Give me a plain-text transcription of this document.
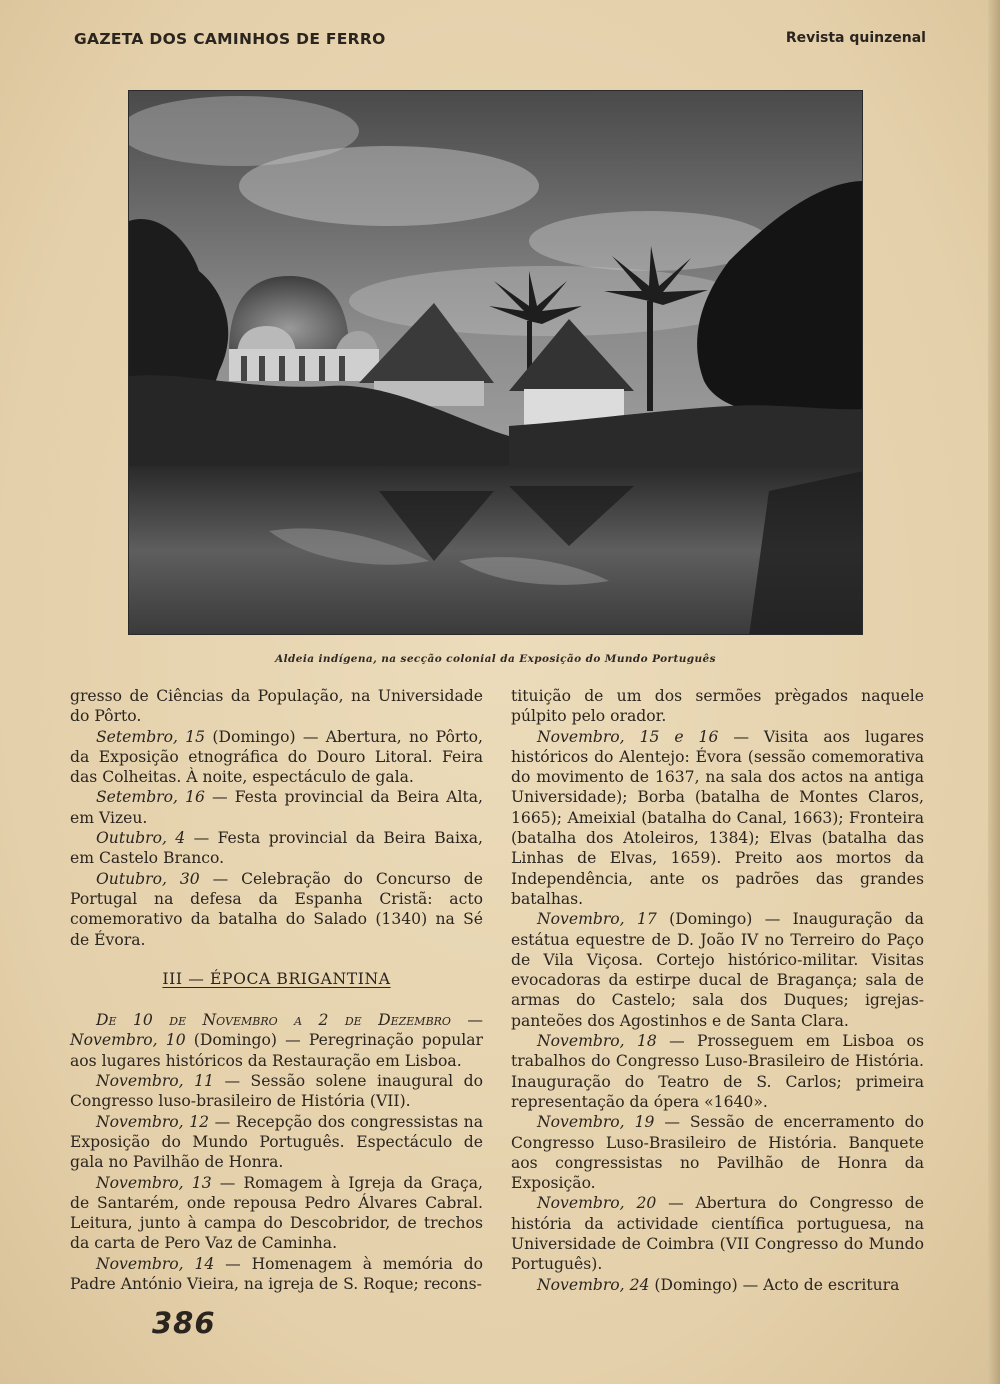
GAZETA DOS CAMINHOS DE FERRO	Revista quinzenal
Aldeia indígena, na secção colonial da Exposição do Mundo Português

gresso de Ciências da População, na Universidade do Pôrto.

Setembro, 15 (Domingo) — Abertura, no Pôrto, da Exposição etnográfica do Douro Litoral. Feira das Colheitas. À noite, espectáculo de gala.

Setembro, 16 — Festa provincial da Beira Alta, em Vizeu.

Outubro, 4 — Festa provincial da Beira Baixa, em Castelo Branco.

Outubro, 30 — Celebração do Concurso de Portugal na defesa da Espanha Cristã: acto comemorativo da batalha do Salado (1340) na Sé de Évora.

III — ÉPOCA BRIGANTINA

De 10 de Novembro a 2 de Dezembro — Novembro, 10 (Domingo) — Peregrinação popular aos lugares históricos da Restauração em Lisboa.

Novembro, 11 — Sessão solene inaugural do Congresso luso-brasileiro de História (VII).

Novembro, 12 — Recepção dos congressistas na Exposição do Mundo Português. Espectáculo de gala no Pavilhão de Honra.

Novembro, 13 — Romagem à Igreja da Graça, de Santarém, onde repousa Pedro Álvares Cabral. Leitura, junto à campa do Descobridor, de trechos da carta de Pero Vaz de Caminha.

Novembro, 14 — Homenagem à memória do Padre António Vieira, na igreja de S. Roque; recons-

tituição de um dos sermões prègados naquele púlpito pelo orador.

Novembro, 15 e 16 — Visita aos lugares históricos do Alentejo: Évora (sessão comemorativa do movimento de 1637, na sala dos actos na antiga Universidade); Borba (batalha de Montes Claros, 1665); Ameixial (batalha do Canal, 1663); Fronteira (batalha dos Atoleiros, 1384); Elvas (batalha das Linhas de Elvas, 1659). Preito aos mortos da Independência, ante os padrões das grandes batalhas.

Novembro, 17 (Domingo) — Inauguração da estátua equestre de D. João IV no Terreiro do Paço de Vila Viçosa. Cortejo histórico-militar. Visitas evocadoras da estirpe ducal de Bragança; sala de armas do Castelo; sala dos Duques; igrejas-panteões dos Agostinhos e de Santa Clara.

Novembro, 18 — Prosseguem em Lisboa os trabalhos do Congresso Luso-Brasileiro de História. Inauguração do Teatro de S. Carlos; primeira representação da ópera «1640».

Novembro, 19 — Sessão de encerramento do Congresso Luso-Brasileiro de História. Banquete aos congressistas no Pavilhão de Honra da Exposição.

Novembro, 20 — Abertura do Congresso de história da actividade científica portuguesa, na Universidade de Coimbra (VII Congresso do Mundo Português).

Novembro, 24 (Domingo) — Acto de escritura

386
